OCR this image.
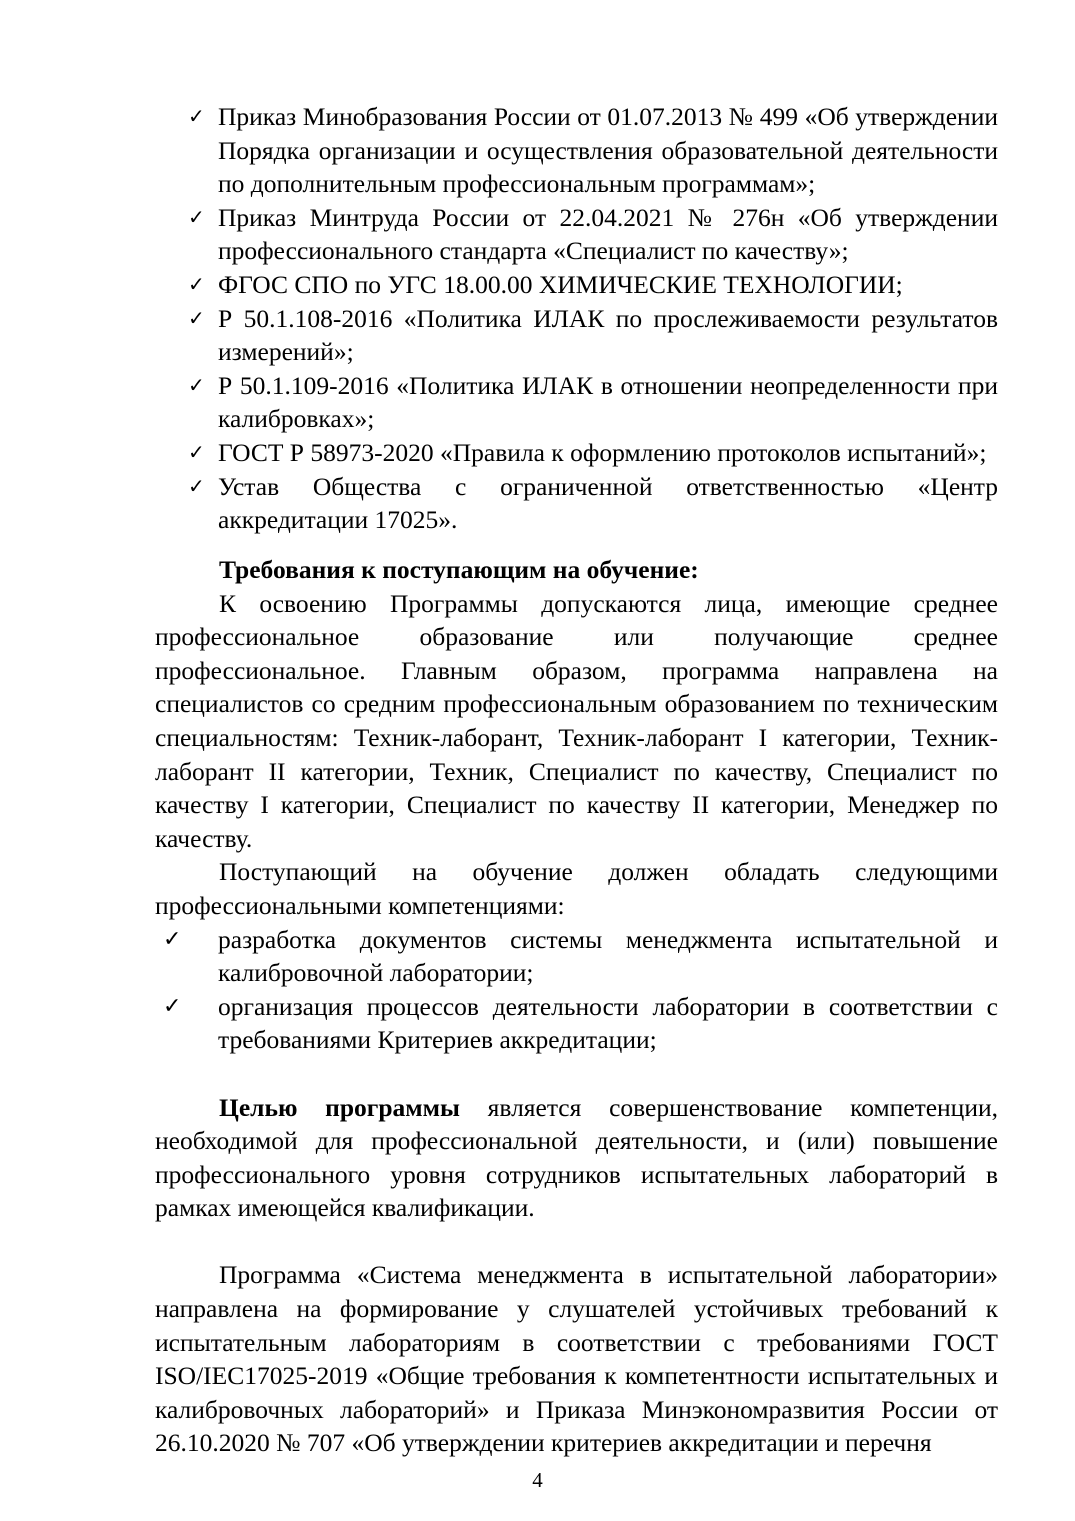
✓ Приказ Минобразования России от 01.07.2013 № 499 «Об утверждении Порядка организации и осуществления образовательной деятельности по дополнительным профессиональным программам»;
✓ Приказ Минтруда России от 22.04.2021 № 276н «Об утверждении профессионального стандарта «Специалист по качеству»;
✓ ФГОС СПО по УГС 18.00.00 ХИМИЧЕСКИЕ ТЕХНОЛОГИИ;
✓ Р 50.1.108-2016 «Политика ИЛАК по прослеживаемости результатов измерений»;
✓ Р 50.1.109-2016 «Политика ИЛАК в отношении неопределенности при калибровках»;
✓ ГОСТ Р 58973-2020 «Правила к оформлению протоколов испытаний»;
✓ Устав Общества с ограниченной ответственностью «Центр аккредитации 17025».

Требования к поступающим на обучение:

К освоению Программы допускаются лица, имеющие среднее профессиональное образование или получающие среднее профессиональное. Главным образом, программа направлена на специалистов со средним профессиональным образованием по техническим специальностям: Техник-лаборант, Техник-лаборант I категории, Техник-лаборант II категории, Техник, Специалист по качеству, Специалист по качеству I категории, Специалист по качеству II категории, Менеджер по качеству.

Поступающий на обучение должен обладать следующими профессиональными компетенциями:

✓ разработка документов системы менеджмента испытательной и калибровочной лаборатории;
✓ организация процессов деятельности лаборатории в соответствии с требованиями Критериев аккредитации;

Целью программы является совершенствование компетенции, необходимой для профессиональной деятельности, и (или) повышение профессионального уровня сотрудников испытательных лабораторий в рамках имеющейся квалификации.

Программа «Система менеджмента в испытательной лаборатории» направлена на формирование у слушателей устойчивых требований к испытательным лабораториям в соответствии с требованиями ГОСТ ISO/IEC17025-2019 «Общие требования к компетентности испытательных и калибровочных лабораторий» и Приказа Минэкономразвития России от 26.10.2020 № 707 «Об утверждении критериев аккредитации и перечня

4
